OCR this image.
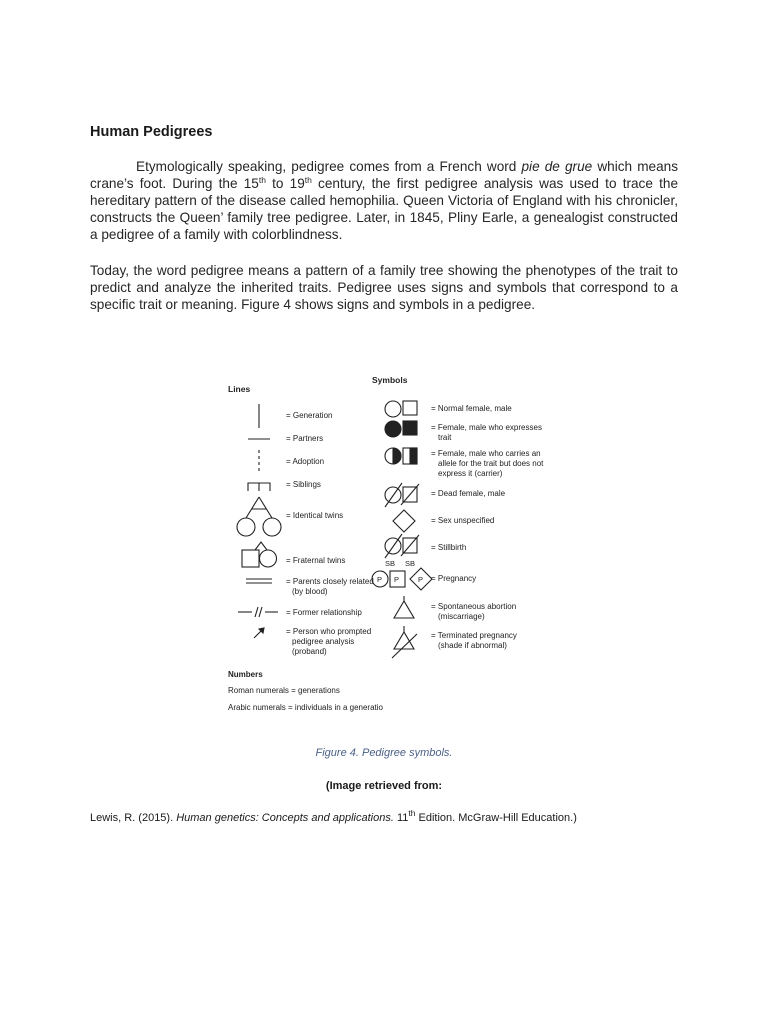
Human Pedigrees

Etymologically speaking, pedigree comes from a French word pie de grue which means crane’s foot. During the 15th to 19th century, the first pedigree analysis was used to trace the hereditary pattern of the disease called hemophilia. Queen Victoria of England with his chronicler, constructs the Queen’ family tree pedigree. Later, in 1845, Pliny Earle, a genealogist constructed a pedigree of a family with colorblindness.

Today, the word pedigree means a pattern of a family tree showing the phenotypes of the trait to predict and analyze the inherited traits. Pedigree uses signs and symbols that correspond to a specific trait or meaning. Figure 4 shows signs and symbols in a pedigree.

Lines
Symbols
Numbers
= Generation
= Partners
= Adoption
= Siblings
= Identical twins
= Fraternal twins
= Parents closely related
(by blood)
= Former relationship
= Person who prompted
pedigree analysis
(proband)
= Normal female, male
= Female, male who expresses
trait
= Female, male who carries an
allele for the trait but does not
express it (carrier)
= Dead female, male
= Sex unspecified
= Stillbirth
= Pregnancy
= Spontaneous abortion
(miscarriage)
= Terminated pregnancy
(shade if abnormal)
SB SB
P P	P
Roman numerals = generations
Arabic numerals = individuals in a generatio
Figure 4. Pedigree symbols.
(Image retrieved from:
Lewis, R. (2015). Human genetics: Concepts and applications. 11th Edition. McGraw-Hill Education.)
